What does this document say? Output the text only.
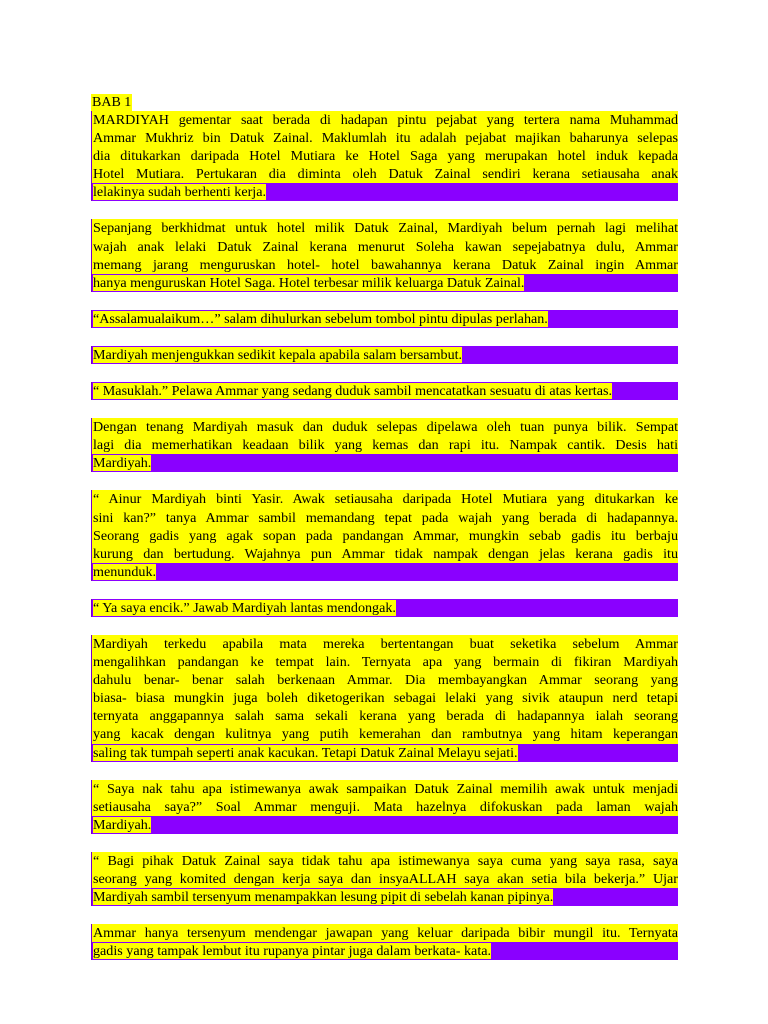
BAB 1
MARDIYAH gementar saat berada di hadapan pintu pejabat yang tertera nama Muhammad
Ammar Mukhriz bin Datuk Zainal. Maklumlah itu adalah pejabat majikan baharunya selepas
dia ditukarkan daripada Hotel Mutiara ke Hotel Saga yang merupakan hotel induk kepada
Hotel Mutiara. Pertukaran dia diminta oleh Datuk Zainal sendiri kerana setiausaha anak
lelakinya sudah berhenti kerja.
Sepanjang berkhidmat untuk hotel milik Datuk Zainal, Mardiyah belum pernah lagi melihat
wajah anak lelaki Datuk Zainal kerana menurut Soleha kawan sepejabatnya dulu, Ammar
memang jarang menguruskan hotel- hotel bawahannya kerana Datuk Zainal ingin Ammar
hanya menguruskan Hotel Saga. Hotel terbesar milik keluarga Datuk Zainal.
“Assalamualaikum…” salam dihulurkan sebelum tombol pintu dipulas perlahan.
Mardiyah menjengukkan sedikit kepala apabila salam bersambut.
“ Masuklah.” Pelawa Ammar yang sedang duduk sambil mencatatkan sesuatu di atas kertas.
Dengan tenang Mardiyah masuk dan duduk selepas dipelawa oleh tuan punya bilik. Sempat
lagi dia memerhatikan keadaan bilik yang kemas dan rapi itu. Nampak cantik. Desis hati
Mardiyah.
“ Ainur Mardiyah binti Yasir. Awak setiausaha daripada Hotel Mutiara yang ditukarkan ke
sini kan?” tanya Ammar sambil memandang tepat pada wajah yang berada di hadapannya.
Seorang gadis yang agak sopan pada pandangan Ammar, mungkin sebab gadis itu berbaju
kurung dan bertudung. Wajahnya pun Ammar tidak nampak dengan jelas kerana gadis itu
menunduk.
“ Ya saya encik.” Jawab Mardiyah lantas mendongak.
Mardiyah terkedu apabila mata mereka bertentangan buat seketika sebelum Ammar
mengalihkan pandangan ke tempat lain. Ternyata apa yang bermain di fikiran Mardiyah
dahulu benar- benar salah berkenaan Ammar. Dia membayangkan Ammar seorang yang
biasa- biasa mungkin juga boleh diketogerikan sebagai lelaki yang sivik ataupun nerd tetapi
ternyata anggapannya salah sama sekali kerana yang berada di hadapannya ialah seorang
yang kacak dengan kulitnya yang putih kemerahan dan rambutnya yang hitam keperangan
saling tak tumpah seperti anak kacukan. Tetapi Datuk Zainal Melayu sejati.
“ Saya nak tahu apa istimewanya awak sampaikan Datuk Zainal memilih awak untuk menjadi
setiausaha saya?” Soal Ammar menguji. Mata hazelnya difokuskan pada laman wajah
Mardiyah.
“ Bagi pihak Datuk Zainal saya tidak tahu apa istimewanya saya cuma yang saya rasa, saya
seorang yang komited dengan kerja saya dan insyaALLAH saya akan setia bila bekerja.” Ujar
Mardiyah sambil tersenyum menampakkan lesung pipit di sebelah kanan pipinya.
Ammar hanya tersenyum mendengar jawapan yang keluar daripada bibir mungil itu. Ternyata
gadis yang tampak lembut itu rupanya pintar juga dalam berkata- kata.
